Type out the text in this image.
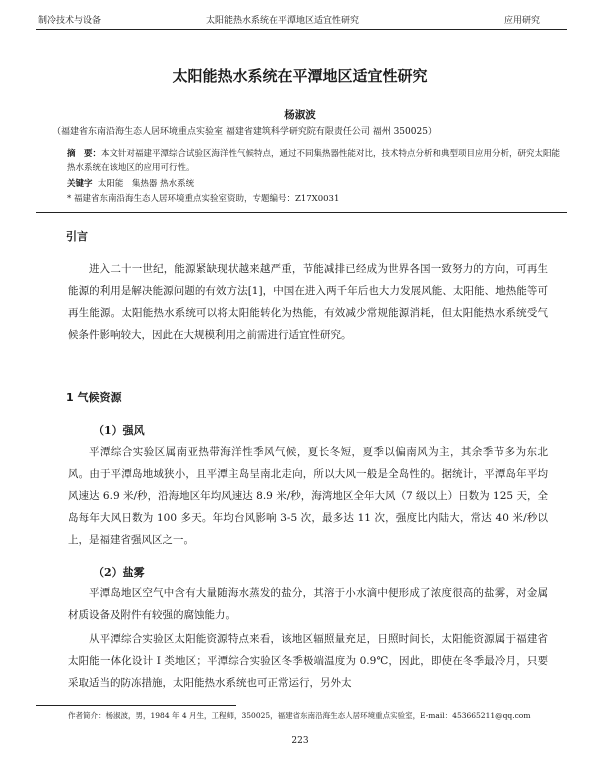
制冷技术与设备	太阳能热水系统在平潭地区适宜性研究	应用研究
太阳能热水系统在平潭地区适宜性研究
杨淑波
（福建省东南沿海生态人居环境重点实验室 福建省建筑科学研究院有限责任公司 福州 350025）
摘　要：本文针对福建平潭综合试验区海洋性气候特点，通过不同集热器性能对比，技术特点分析和典型项目应用分析，研究太阳能热水系统在该地区的应用可行性。
关键字 太阳能　集热器 热水系统
* 福建省东南沿海生态人居环境重点实验室资助，专题编号：Z17X0031
引言
进入二十一世纪，能源紧缺现状越来越严重，节能减排已经成为世界各国一致努力的方向，可再生能源的利用是解决能源问题的有效方法[1]，中国在进入两千年后也大力发展风能、太阳能、地热能等可再生能源。太阳能热水系统可以将太阳能转化为热能，有效减少常规能源消耗，但太阳能热水系统受气候条件影响较大，因此在大规模利用之前需进行适宜性研究。
1 气候资源
（1）强风
平潭综合实验区属南亚热带海洋性季风气候，夏长冬短，夏季以偏南风为主，其余季节多为东北风。由于平潭岛地域狭小，且平潭主岛呈南北走向，所以大风一般是全岛性的。据统计，平潭岛年平均风速达 6.9 米/秒，沿海地区年均风速达 8.9 米/秒，海湾地区全年大风（7 级以上）日数为 125 天，全岛每年大风日数为 100 多天。年均台风影响 3-5 次，最多达 11 次，强度比内陆大，常达 40 米/秒以上，是福建省强风区之一。
（2）盐雾
平潭岛地区空气中含有大量随海水蒸发的盐分，其溶于小水滴中便形成了浓度很高的盐雾，对金属材质设备及附件有较强的腐蚀能力。
从平潭综合实验区太阳能资源特点来看，该地区辐照量充足，日照时间长，太阳能资源属于福建省太阳能一体化设计 I 类地区；平潭综合实验区冬季极端温度为 0.9℃，因此，即使在冬季最冷月，只要采取适当的防冻措施，太阳能热水系统也可正常运行，另外太
作者简介：杨淑波，男，1984 年 4 月生，工程师，350025，福建省东南沿海生态人居环境重点实验室，E-mail：453665211@qq.com
223
